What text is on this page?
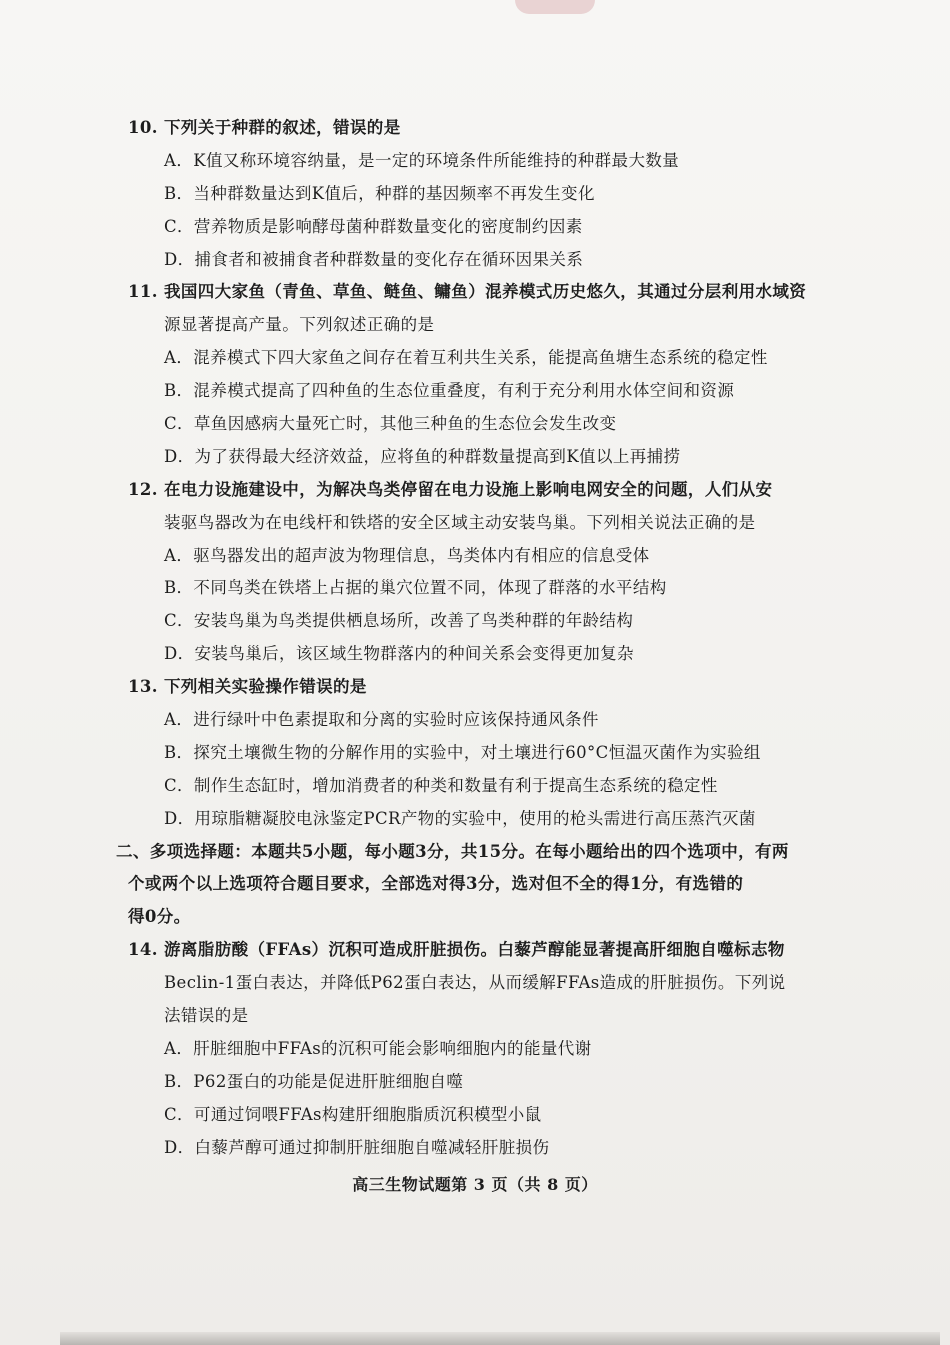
10. 下列关于种群的叙述，错误的是
A．K值又称环境容纳量，是一定的环境条件所能维持的种群最大数量
B．当种群数量达到K值后，种群的基因频率不再发生变化
C．营养物质是影响酵母菌种群数量变化的密度制约因素
D．捕食者和被捕食者种群数量的变化存在循环因果关系
11. 我国四大家鱼（青鱼、草鱼、鲢鱼、鳙鱼）混养模式历史悠久，其通过分层利用水域资
源显著提高产量。下列叙述正确的是
A．混养模式下四大家鱼之间存在着互利共生关系，能提高鱼塘生态系统的稳定性
B．混养模式提高了四种鱼的生态位重叠度，有利于充分利用水体空间和资源
C．草鱼因感病大量死亡时，其他三种鱼的生态位会发生改变
D．为了获得最大经济效益，应将鱼的种群数量提高到K值以上再捕捞
12. 在电力设施建设中，为解决鸟类停留在电力设施上影响电网安全的问题，人们从安
装驱鸟器改为在电线杆和铁塔的安全区域主动安装鸟巢。下列相关说法正确的是
A．驱鸟器发出的超声波为物理信息，鸟类体内有相应的信息受体
B．不同鸟类在铁塔上占据的巢穴位置不同，体现了群落的水平结构
C．安装鸟巢为鸟类提供栖息场所，改善了鸟类种群的年龄结构
D．安装鸟巢后，该区域生物群落内的种间关系会变得更加复杂
13. 下列相关实验操作错误的是
A．进行绿叶中色素提取和分离的实验时应该保持通风条件
B．探究土壤微生物的分解作用的实验中，对土壤进行60°C恒温灭菌作为实验组
C．制作生态缸时，增加消费者的种类和数量有利于提高生态系统的稳定性
D．用琼脂糖凝胶电泳鉴定PCR产物的实验中，使用的枪头需进行高压蒸汽灭菌
二、多项选择题：本题共5小题，每小题3分，共15分。在每小题给出的四个选项中，有两
个或两个以上选项符合题目要求，全部选对得3分，选对但不全的得1分，有选错的
得0分。
14. 游离脂肪酸（FFAs）沉积可造成肝脏损伤。白藜芦醇能显著提高肝细胞自噬标志物
Beclin-1蛋白表达，并降低P62蛋白表达，从而缓解FFAs造成的肝脏损伤。下列说
法错误的是
A．肝脏细胞中FFAs的沉积可能会影响细胞内的能量代谢
B．P62蛋白的功能是促进肝脏细胞自噬
C．可通过饲喂FFAs构建肝细胞脂质沉积模型小鼠
D．白藜芦醇可通过抑制肝脏细胞自噬减轻肝脏损伤
高三生物试题第 3 页（共 8 页）
